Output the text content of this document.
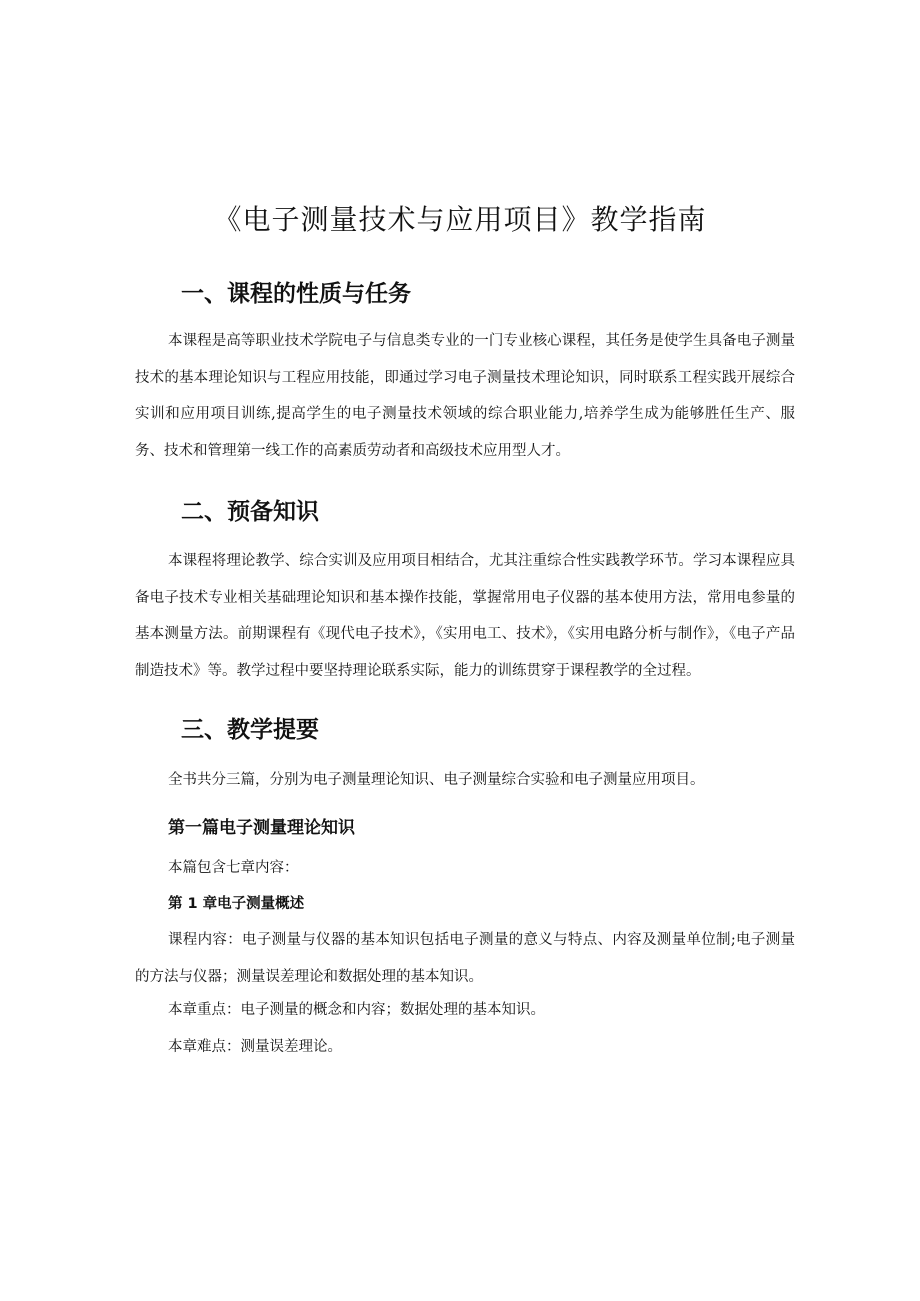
《电子测量技术与应用项目》教学指南
一、课程的性质与任务
本课程是高等职业技术学院电子与信息类专业的一门专业核心课程，其任务是使学生具备电子测量技术的基本理论知识与工程应用技能，即通过学习电子测量技术理论知识，同时联系工程实践开展综合实训和应用项目训练,提高学生的电子测量技术领域的综合职业能力,培养学生成为能够胜任生产、服务、技术和管理第一线工作的高素质劳动者和高级技术应用型人才。
二、预备知识
本课程将理论教学、综合实训及应用项目相结合，尤其注重综合性实践教学环节。学习本课程应具备电子技术专业相关基础理论知识和基本操作技能，掌握常用电子仪器的基本使用方法，常用电参量的基本测量方法。前期课程有《现代电子技术》，《实用电工、技术》，《实用电路分析与制作》，《电子产品制造技术》等。教学过程中要坚持理论联系实际，能力的训练贯穿于课程教学的全过程。
三、教学提要
全书共分三篇，分别为电子测量理论知识、电子测量综合实验和电子测量应用项目。
第一篇电子测量理论知识
本篇包含七章内容：
第 1 章电子测量概述
课程内容：电子测量与仪器的基本知识包括电子测量的意义与特点、内容及测量单位制;电子测量的方法与仪器；测量误差理论和数据处理的基本知识。
本章重点：电子测量的概念和内容；数据处理的基本知识。
本章难点：测量误差理论。
